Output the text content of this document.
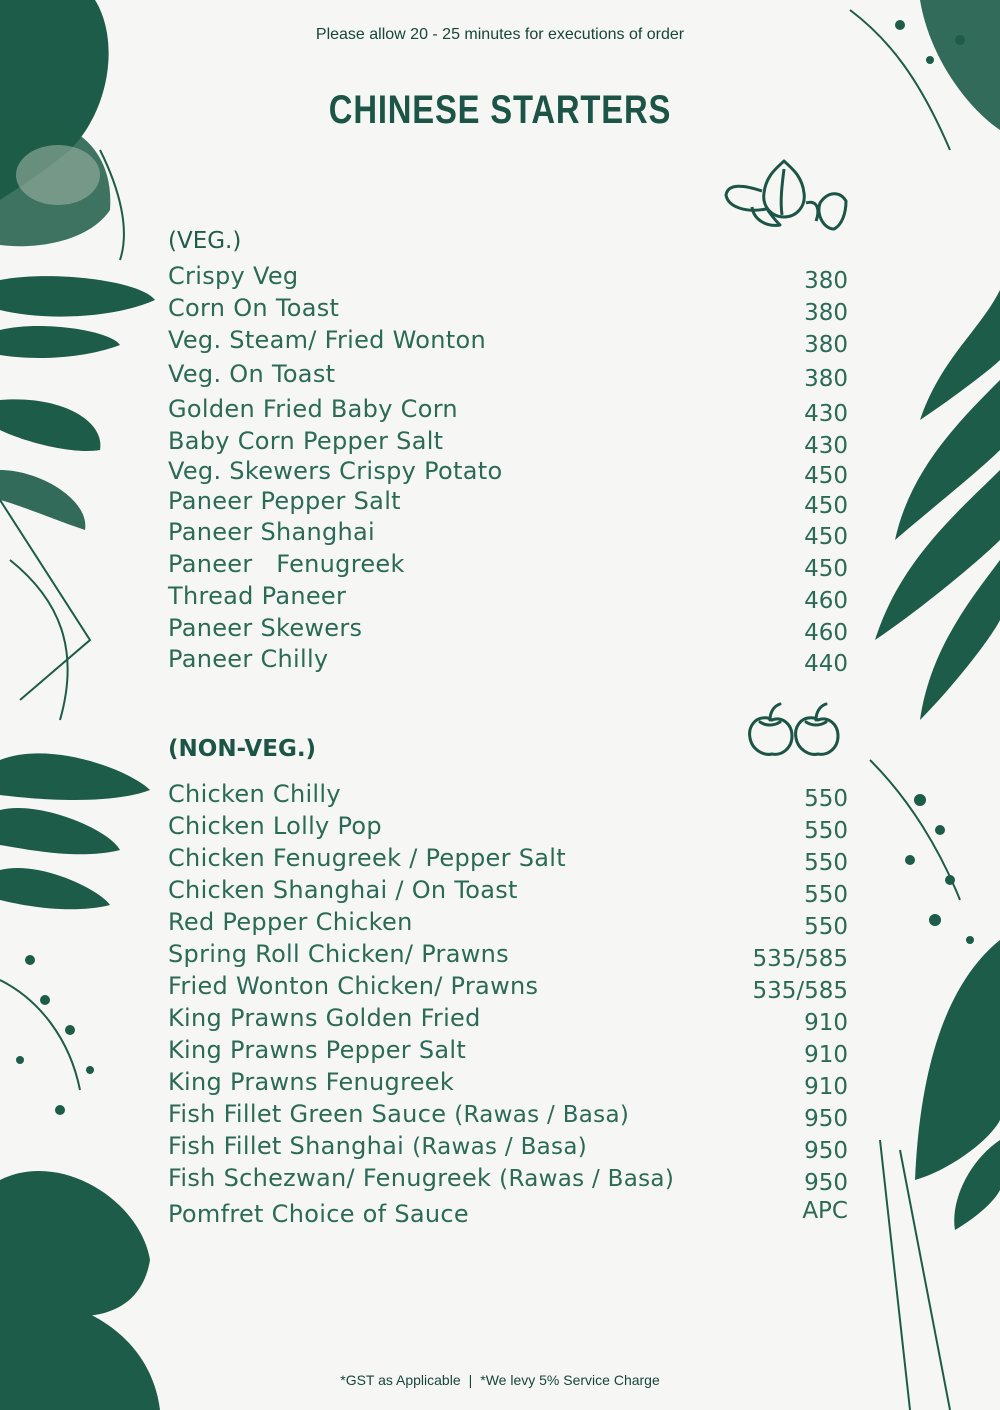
Please allow 20 - 25 minutes for executions of order
CHINESE STARTERS
(VEG.)
Crispy Veg	380
Corn On Toast	380
Veg. Steam/ Fried Wonton	380
Veg. On Toast	380
Golden Fried Baby Corn	430
Baby Corn Pepper Salt	430
Veg. Skewers Crispy Potato	450
Paneer Pepper Salt	450
Paneer Shanghai	450
Paneer   Fenugreek	450
Thread Paneer	460
Paneer Skewers	460
Paneer Chilly	440
(NON-VEG.)
Chicken Chilly	550
Chicken Lolly Pop	550
Chicken Fenugreek / Pepper Salt	550
Chicken Shanghai / On Toast	550
Red Pepper Chicken	550
Spring Roll Chicken/ Prawns	535/585
Fried Wonton Chicken/ Prawns	535/585
King Prawns Golden Fried	910
King Prawns Pepper Salt	910
King Prawns Fenugreek	910
Fish Fillet Green Sauce (Rawas / Basa)	950
Fish Fillet Shanghai (Rawas / Basa)	950
Fish Schezwan/ Fenugreek (Rawas / Basa)	950
Pomfret Choice of Sauce	APC
*GST as Applicable | *We levy 5% Service Charge
